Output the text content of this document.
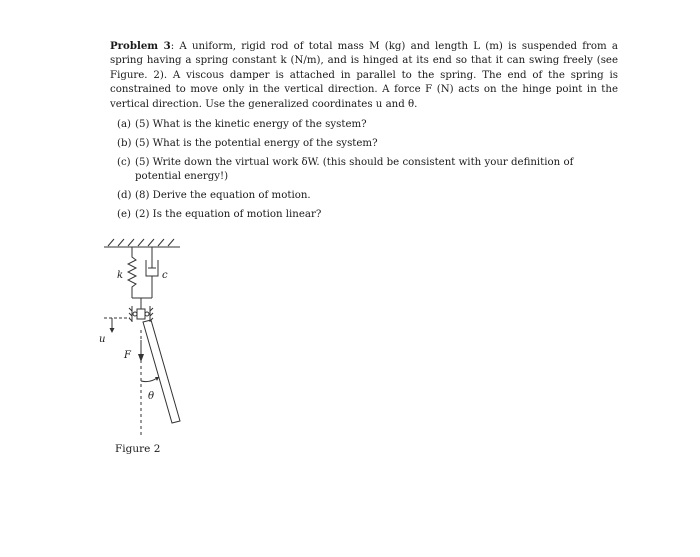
Problem 3: A uniform, rigid rod of total mass M (kg) and length L (m) is suspended from a spring having a spring constant k (N/m), and is hinged at its end so that it can swing freely (see Figure. 2). A viscous damper is attached in parallel to the spring. The end of the spring is constrained to move only in the vertical direction. A force F (N) acts on the hinge point in the vertical direction. Use the generalized coordinates u and θ.
(a) (5) What is the kinetic energy of the system?
(b) (5) What is the potential energy of the system?
(c) (5) Write down the virtual work δW. (this should be consistent with your definition of potential energy!)
(d) (8) Derive the equation of motion.
(e) (2) Is the equation of motion linear?
k	c
u
F
θ
Figure 2
